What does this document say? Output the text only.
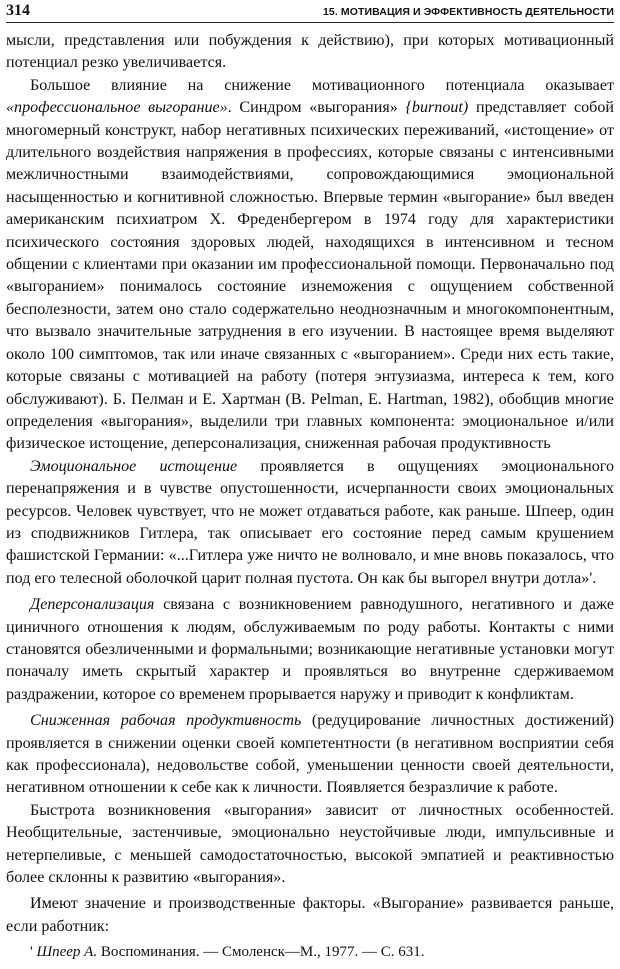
314	15. МОТИВАЦИЯ И ЭФФЕКТИВНОСТЬ ДЕЯТЕЛЬНОСТИ

мысли, представления или побуждения к действию), при которых мотивационный потенциал резко увеличивается.

Большое влияние на снижение мотивационного потенциала оказывает «профессиональное выгорание». Синдром «выгорания» {burnout) представляет собой многомерный конструкт, набор негативных психических переживаний, «истощение» от длительного воздействия напряжения в профессиях, которые связаны с интенсивными межличностными взаимодействиями, сопровождающимися эмоциональной насыщенностью и когнитивной сложностью. Впервые термин «выгорание» был введен американским психиатром X. Фреденбергером в 1974 году для характеристики психического состояния здоровых людей, находящихся в интенсивном и тесном общении с клиентами при оказании им профессиональной помощи. Первоначально под «выгоранием» понималось состояние изнеможения с ощущением собственной бесполезности, затем оно стало содержательно неоднозначным и многокомпонентным, что вызвало значительные затруднения в его изучении. В настоящее время выделяют около 100 симптомов, так или иначе связанных с «выгоранием». Среди них есть такие, которые связаны с мотивацией на работу (потеря энтузиазма, интереса к тем, кого обслуживают). Б. Пелман и Е. Хартман (В. Pelman, E. Hartman, 1982), обобщив многие определения «выгорания», выделили три главных компонента: эмоциональное и/или физическое истощение, деперсонализация, сниженная рабочая продуктивность

Эмоциональное истощение проявляется в ощущениях эмоционального перенапряжения и в чувстве опустошенности, исчерпанности своих эмоциональных ресурсов. Человек чувствует, что не может отдаваться работе, как раньше. Шпеер, один из сподвижников Гитлера, так описывает его состояние перед самым крушением фашистской Германии: «...Гитлера уже ничто не волновало, и мне вновь показалось, что под его телесной оболочкой царит полная пустота. Он как бы выгорел внутри дотла»'.

Деперсонализация связана с возникновением равнодушного, негативного и даже циничного отношения к людям, обслуживаемым по роду работы. Контакты с ними становятся обезличенными и формальными; возникающие негативные установки могут поначалу иметь скрытый характер и проявляться во внутренне сдерживаемом раздражении, которое со временем прорывается наружу и приводит к конфликтам.

Сниженная рабочая продуктивность (редуцирование личностных достижений) проявляется в снижении оценки своей компетентности (в негативном восприятии себя как профессионала), недовольстве собой, уменьшении ценности своей деятельности, негативном отношении к себе как к личности. Появляется безразличие к работе.

Быстрота возникновения «выгорания» зависит от личностных особенностей. Необщительные, застенчивые, эмоционально неустойчивые люди, импульсивные и нетерпеливые, с меньшей самодостаточностью, высокой эмпатией и реактивностью более склонны к развитию «выгорания».

Имеют значение и производственные факторы. «Выгорание» развивается раньше, если работник:

' Шпеер А. Воспоминания. — Смоленск—М., 1977. — С. 631.
